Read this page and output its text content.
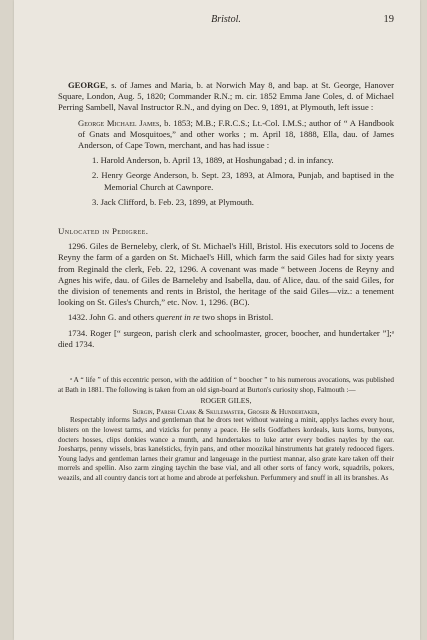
Bristol.	19

GEORGE, s. of James and Maria, b. at Norwich May 8, and bap. at St. George, Hanover Square, London, Aug. 5, 1820; Commander R.N.; m. cir. 1852 Emma Jane Coles, d. of Michael Perring Sambell, Naval Instructor R.N., and dying on Dec. 9, 1891, at Plymouth, left issue :

George Michael James, b. 1853; M.B.; F.R.C.S.; Lt.-Col. I.M.S.; author of “ A Handbook of Gnats and Mosquitoes,” and other works ; m. April 18, 1888, Ella, dau. of James Anderson, of Cape Town, merchant, and has had issue :

1. Harold Anderson, b. April 13, 1889, at Hoshungabad ; d. in infancy.

2. Henry George Anderson, b. Sept. 23, 1893, at Almora, Punjab, and baptised in the Memorial Church at Cawnpore.

3. Jack Clifford, b. Feb. 23, 1899, at Plymouth.

Unlocated in Pedigree.

1296. Giles de Berneleby, clerk, of St. Michael's Hill, Bristol. His executors sold to Jocens de Reyny the farm of a garden on St. Michael's Hill, which farm the said Giles had for sixty years from Reginald the clerk, Feb. 22, 1296. A covenant was made “ between Jocens de Reyny and Agnes his wife, dau. of Giles de Barneleby and Isabella, dau. of Alice, dau. of the said Giles, for the division of tenements and rents in Bristol, the heritage of the said Giles—viz.: a tenement looking on St. Giles's Church,” etc. Nov. 1, 1296. (BC).

1432. John G. and others querent in re two shops in Bristol.

1734. Roger [“ surgeon, parish clerk and schoolmaster, grocer, boocher, and hundertaker ”];ᵃ died 1734.

ᵃ A “ life ” of this eccentric person, with the addition of “ boocher ” to his numerous avocations, was published at Bath in 1881. The following is taken from an old sign-board at Burton's curiosity shop, Falmouth :—

ROGER GILES,

Surgin, Parish Clark & Skulemaster, Groser & Hundertaker,

Respectably informs ladys and gentleman that he drors teet without wateing a minit, applys laches every hour, blisters on the lowest tarms, and vizicks for penny a peace. He sells Godfathers kordeals, kuts korns, bunyons, docters hosses, clips donkies wance a munth, and hundertakes to luke arter every bodies nayles by the ear. Joesharps, penny wissels, bras kanelsticks, fryin pans, and other moozikal hinstruments hat grately redooced figers. Young ladys and gentleman larnes their gramur and langeuage in the purtiest mannar, also grate kare taken off their morrels and spellin. Also zarm zinging taychin the base vial, and all other sorts of fancy work, squadrils, pokers, weazils, and all country dancis tort at home and abrode at perfekshun. Perfummery and snuff in all its branshes. As
